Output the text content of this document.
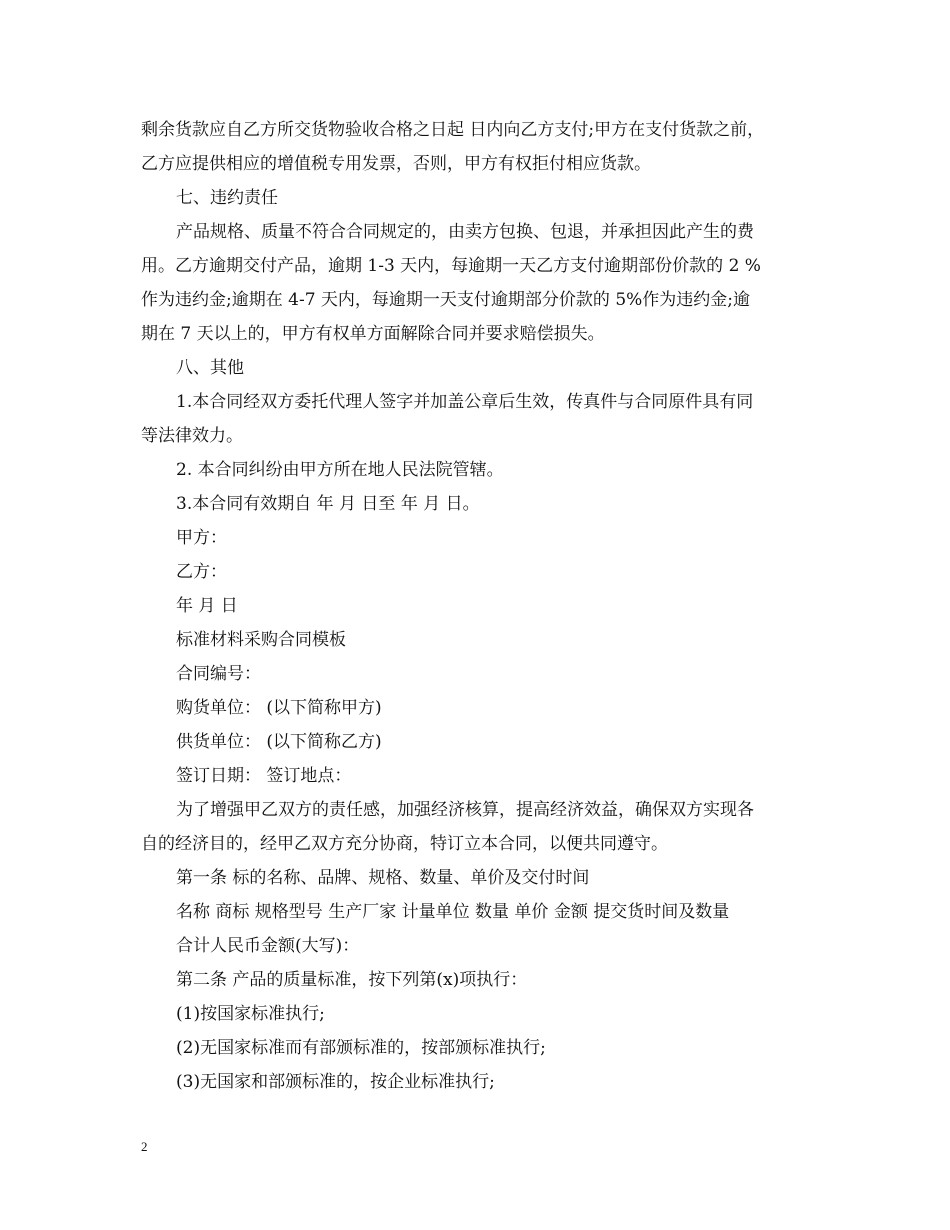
剩余货款应自乙方所交货物验收合格之日起 日内向乙方支付;甲方在支付货款之前，
乙方应提供相应的增值税专用发票，否则，甲方有权拒付相应货款。
七、违约责任
产品规格、质量不符合合同规定的，由卖方包换、包退，并承担因此产生的费
用。乙方逾期交付产品，逾期 1-3 天内，每逾期一天乙方支付逾期部份价款的 2 %
作为违约金;逾期在 4-7 天内，每逾期一天支付逾期部分价款的 5%作为违约金;逾
期在 7 天以上的，甲方有权单方面解除合同并要求赔偿损失。
八、其他
1.本合同经双方委托代理人签字并加盖公章后生效，传真件与合同原件具有同
等法律效力。
2. 本合同纠纷由甲方所在地人民法院管辖。
3.本合同有效期自 年 月 日至 年 月 日。
甲方：
乙方：
年 月 日
标准材料采购合同模板
合同编号：
购货单位： (以下简称甲方)
供货单位： (以下简称乙方)
签订日期： 签订地点：
为了增强甲乙双方的责任感，加强经济核算，提高经济效益，确保双方实现各
自的经济目的，经甲乙双方充分协商，特订立本合同，以便共同遵守。
第一条 标的名称、品牌、规格、数量、单价及交付时间
名称 商标 规格型号 生产厂家 计量单位 数量 单价 金额 提交货时间及数量
合计人民币金额(大写)：
第二条 产品的质量标准，按下列第(x)项执行：
(1)按国家标准执行;
(2)无国家标准而有部颁标准的，按部颁标准执行;
(3)无国家和部颁标准的，按企业标准执行;
2
